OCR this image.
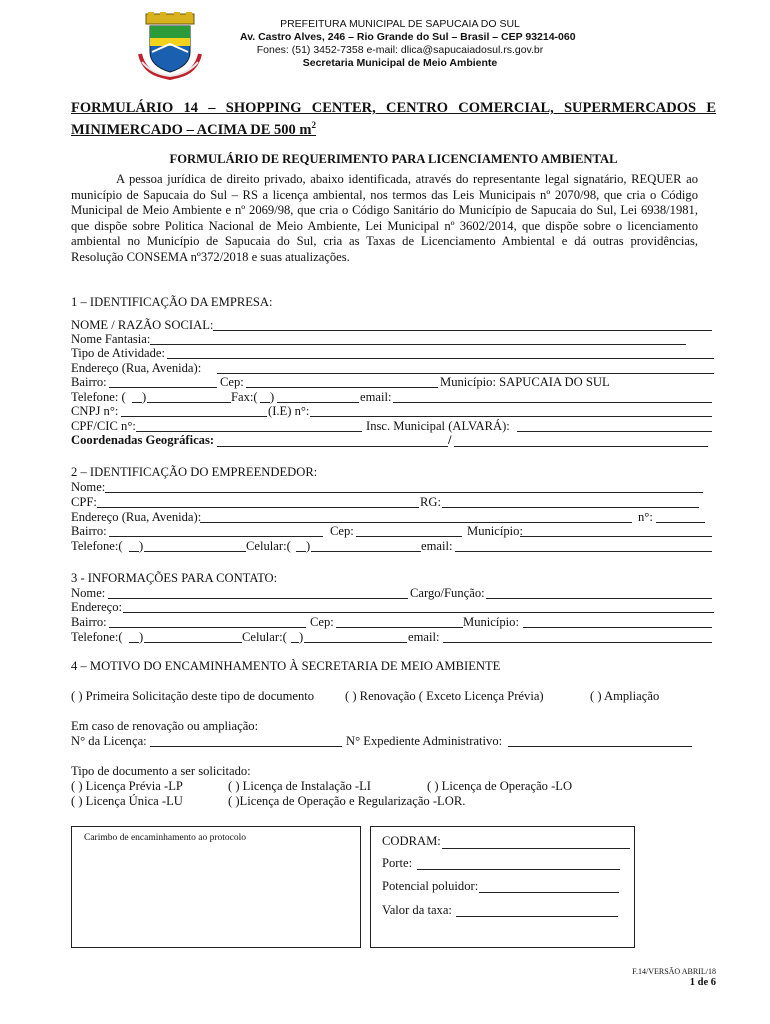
PREFEITURA MUNICIPAL DE SAPUCAIA DO SUL
Av. Castro Alves, 246 – Rio Grande do Sul – Brasil – CEP 93214-060
Fones: (51) 3452-7358 e-mail: dlica@sapucaiadosul.rs.gov.br
Secretaria Municipal de Meio Ambiente
FORMULÁRIO 14 – SHOPPING CENTER, CENTRO COMERCIAL, SUPERMERCADOS E
MINIMERCADO – ACIMA DE 500 $m^2$
FORMULÁRIO DE REQUERIMENTO PARA LICENCIAMENTO AMBIENTAL
A pessoa jurídica de direito privado, abaixo identificada, através do representante legal signatário, REQUER ao
município de Sapucaia do Sul – RS a licença ambiental, nos termos das Leis Municipais nº 2070/98, que cria o Código
Municipal de Meio Ambiente e nº 2069/98, que cria o Código Sanitário do Município de Sapucaia do Sul, Lei 6938/1981,
que dispõe sobre Politica Nacional de Meio Ambiente, Lei Municipal nº 3602/2014, que dispõe sobre o licenciamento
ambiental no Município de Sapucaia do Sul, cria as Taxas de Licenciamento Ambiental e dá outras providências,
Resolução CONSEMA nº372/2018 e suas atualizações.
1 – IDENTIFICAÇÃO DA EMPRESA:
NOME / RAZÃO SOCIAL:
Nome Fantasia:
Tipo de Atividade:
Endereço (Rua, Avenida):
Bairro:	Cep:	Município: SAPUCAIA DO SUL
Telefone: ( )	Fax:( )	email:
CNPJ n°:	(I.E) n°:
CPF/CIC n°:	Insc. Municipal (ALVARÁ):
Coordenadas Geográficas:	/
2 – IDENTIFICAÇÃO DO EMPREENDEDOR:
Nome:
CPF:	RG:
Endereço (Rua, Avenida):	n°:
Bairro:	Cep:	Município:
Telefone:( )	Celular:( )	email:
3 - INFORMAÇÕES PARA CONTATO:
Nome:	Cargo/Função:
Endereço:
Bairro:	Cep:	Município:
Telefone:( )	Celular:( )	email:
4 – MOTIVO DO ENCAMINHAMENTO À SECRETARIA DE MEIO AMBIENTE
( ) Primeira Solicitação deste tipo de documento ( ) Renovação ( Exceto Licença Prévia)	( ) Ampliação
Em caso de renovação ou ampliação:
N° da Licença:	N° Expediente Administrativo:
Tipo de documento a ser solicitado:
( ) Licença Prévia -LP	( ) Licença de Instalação -LI	( ) Licença de Operação -LO
( ) Licença Única -LU	( )Licença de Operação e Regularização -LOR.
Carimbo de encaminhamento ao protocolo	CODRAM:
Porte:
Potencial poluidor:
Valor da taxa:
F.14/VERSÃO ABRIL/18
1 de 6
